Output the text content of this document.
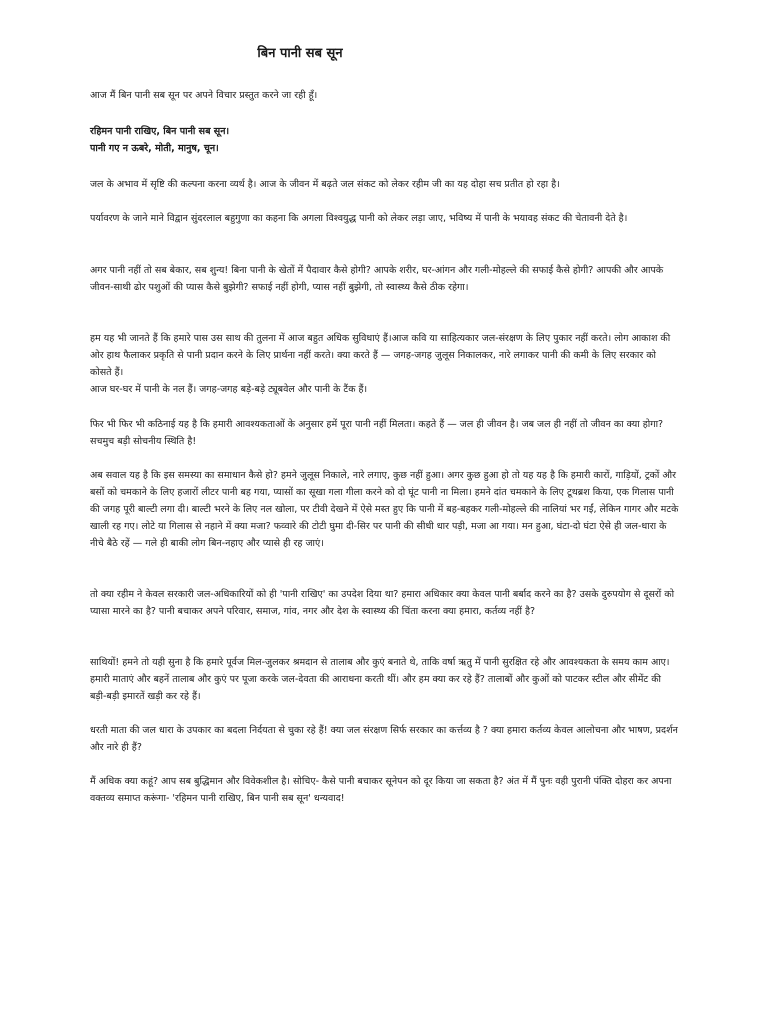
बिन पानी सब सून

आज मैं बिन पानी सब सून पर अपने विचार प्रस्तुत करने जा रही हूँ।

रहिमन पानी राखिए, बिन पानी सब सून।
पानी गए न ऊबरे, मोती, मानुष, चून।

जल के अभाव में सृष्टि की कल्पना करना व्यर्थ है। आज के जीवन में बढ़ते जल संकट को लेकर रहीम जी का यह दोहा सच प्रतीत हो रहा है।

पर्यावरण के जाने माने विद्वान सुंदरलाल बहुगुणा का कहना कि अगला विश्वयुद्ध पानी को लेकर लड़ा जाए, भविष्य में पानी के भयावह संकट की चेतावनी देते है।

अगर पानी नहीं तो सब बेकार, सब शुन्य! बिना पानी के खेतों में पैदावार कैसे होगी? आपके शरीर, घर-आंगन और गली-मोहल्ले की सफाई कैसे होगी? आपकी और आपके जीवन-साथी ढोर पशुओं की प्यास कैसे बुझेगी? सफाई नहीं होगी, प्यास नहीं बुझेगी, तो स्वास्थ्य कैसे ठीक रहेगा।

हम यह भी जानते हैं कि हमारे पास उस साथ की तुलना में आज बहुत अधिक सुविधाएं हैं।आज कवि या साहित्यकार जल-संरक्षण के लिए पुकार नहीं करते। लोग आकाश की ओर हाथ फैलाकर प्रकृति से पानी प्रदान करने के लिए प्रार्थना नहीं करते। क्या करते हैं — जगह-जगह जुलूस निकालकर, नारे लगाकर पानी की कमी के लिए सरकार को कोसते हैं।
आज घर-घर में पानी के नल हैं। जगह-जगह बड़े-बड़े ट्यूबवेल और पानी के टैंक हैं।

फिर भी फिर भी कठिनाई यह है कि हमारी आवश्यकताओं के अनुसार हमें पूरा पानी नहीं मिलता। कहते हैं — जल ही जीवन है। जब जल ही नहीं तो जीवन का क्या होगा? सचमुच बड़ी सोचनीय स्थिति है!

अब सवाल यह है कि इस समस्या का समाधान कैसे हो? हमने जुलूस निकाले, नारे लगाए, कुछ नहीं हुआ। अगर कुछ हुआ हो तो यह यह है कि हमारी कारों, गाड़ियों, ट्रकों और बसों को चमकाने के लिए हजारों लीटर पानी बह गया, प्यासों का सूखा गला गीला करने को दो घूंट पानी ना मिला। हमने दांत चमकाने के लिए टूथब्रश किया, एक गिलास पानी की जगह पूरी बाल्टी लगा दी। बाल्टी भरने के लिए नल खोला, पर टीवी देखने में ऐसे मस्त हुए कि पानी में बह-बहकर गली-मोहल्ले की नालियां भर गईं, लेकिन गागर और मटके खाली रह गए। लोटे या गिलास से नहाने में क्या मजा? फव्वारे की टोटी घुमा दी-सिर पर पानी की सीधी धार पड़ी, मजा आ गया। मन हुआ, घंटा-दो घंटा ऐसे ही जल-धारा के नीचे बैठे रहें — गले ही बाकी लोग बिन-नहाए और प्यासे ही रह जाएं।

तो क्या रहीम ने केवल सरकारी जल-अधिकारियों को ही 'पानी राखिए' का उपदेश दिया था? हमारा अधिकार क्या केवल पानी बर्बाद करने का है? उसके दुरुपयोग से दूसरों को प्यासा मारने का है? पानी बचाकर अपने परिवार, समाज, गांव, नगर और देश के स्वास्थ्य की चिंता करना क्या हमारा, कर्तव्य नहीं है?

साथियों! हमने तो यही सुना है कि हमारे पूर्वज मिल-जुलकर श्रमदान से तालाब और कुएं बनाते थे, ताकि वर्षा ऋतु में पानी सुरक्षित रहे और आवश्यकता के समय काम आए। हमारी माताएं और बहनें तालाब और कुएं पर पूजा करके जल-देवता की आराधना करती थीं। और हम क्या कर रहे हैं? तालाबों और कुओं को पाटकर स्टील और सीमेंट की बड़ी-बड़ी इमारतें खड़ी कर रहे हैं।

धरती माता की जल धारा के उपकार का बदला निर्दयता से चुका रहे हैं! क्या जल संरक्षण सिर्फ सरकार का कर्त्तव्य है ? क्या हमारा कर्तव्य केवल आलोचना और भाषण, प्रदर्शन और नारे ही हैं?

मैं अधिक क्या कहूं? आप सब बुद्धिमान और विवेकशील है। सोचिए- कैसे पानी बचाकर सूनेपन को दूर किया जा सकता है? अंत में मैं पुनः वही पुरानी पंक्ति दोहरा कर अपना वक्तव्य समाप्त करूंगा- 'रहिमन पानी राखिए, बिन पानी सब सून' धन्यवाद!
